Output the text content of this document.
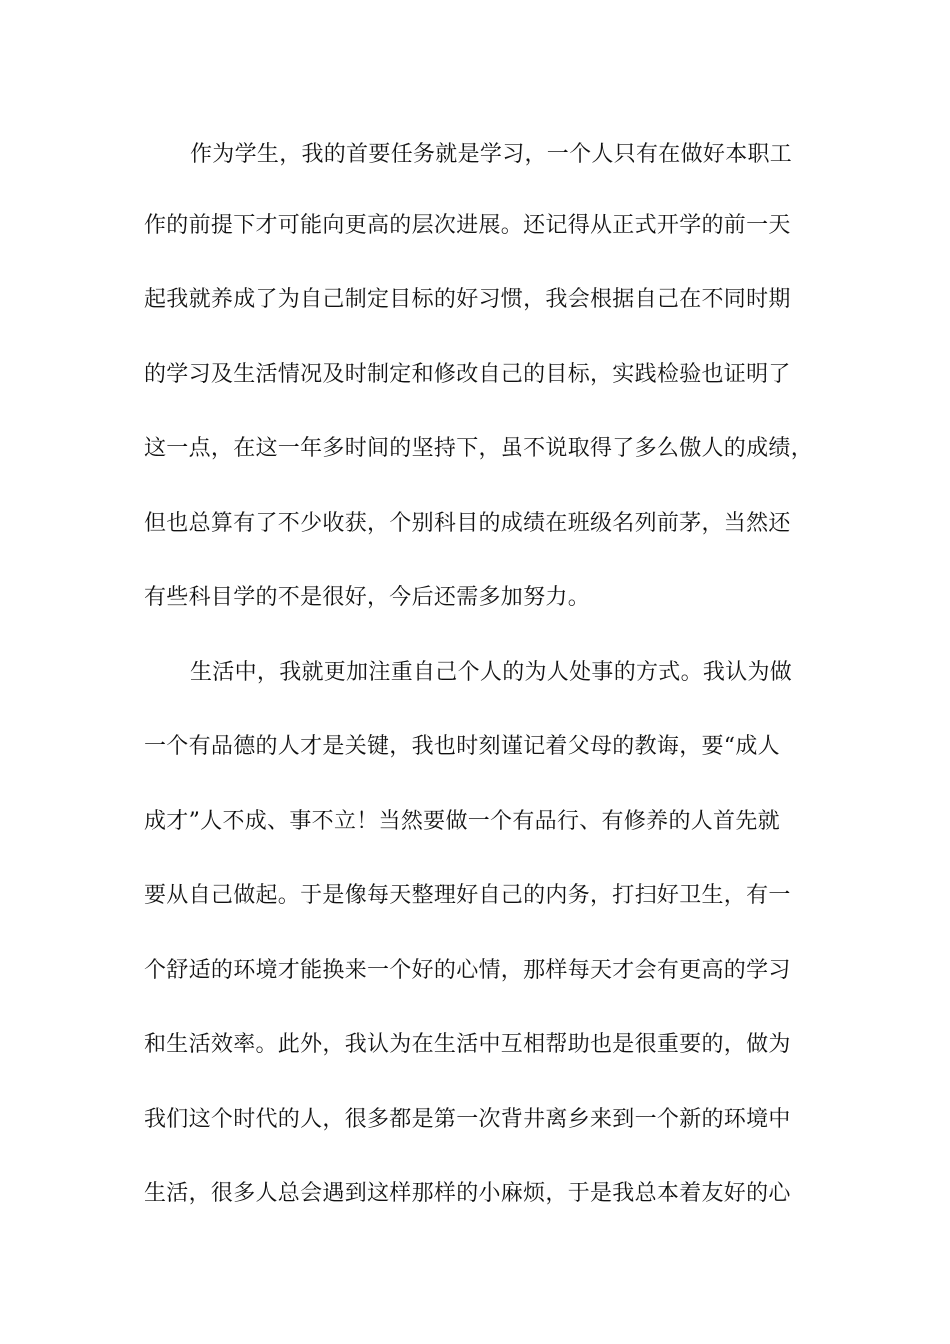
作为学生，我的首要任务就是学习，一个人只有在做好本职工
作的前提下才可能向更高的层次进展。还记得从正式开学的前一天
起我就养成了为自己制定目标的好习惯，我会根据自己在不同时期
的学习及生活情况及时制定和修改自己的目标，实践检验也证明了
这一点，在这一年多时间的坚持下，虽不说取得了多么傲人的成绩，
但也总算有了不少收获，个别科目的成绩在班级名列前茅，当然还
有些科目学的不是很好，今后还需多加努力。
生活中，我就更加注重自己个人的为人处事的方式。我认为做
一个有品德的人才是关键，我也时刻谨记着父母的教诲，要“成人
成才”人不成、事不立！当然要做一个有品行、有修养的人首先就
要从自己做起。于是像每天整理好自己的内务，打扫好卫生，有一
个舒适的环境才能换来一个好的心情，那样每天才会有更高的学习
和生活效率。此外，我认为在生活中互相帮助也是很重要的，做为
我们这个时代的人，很多都是第一次背井离乡来到一个新的环境中
生活，很多人总会遇到这样那样的小麻烦，于是我总本着友好的心
